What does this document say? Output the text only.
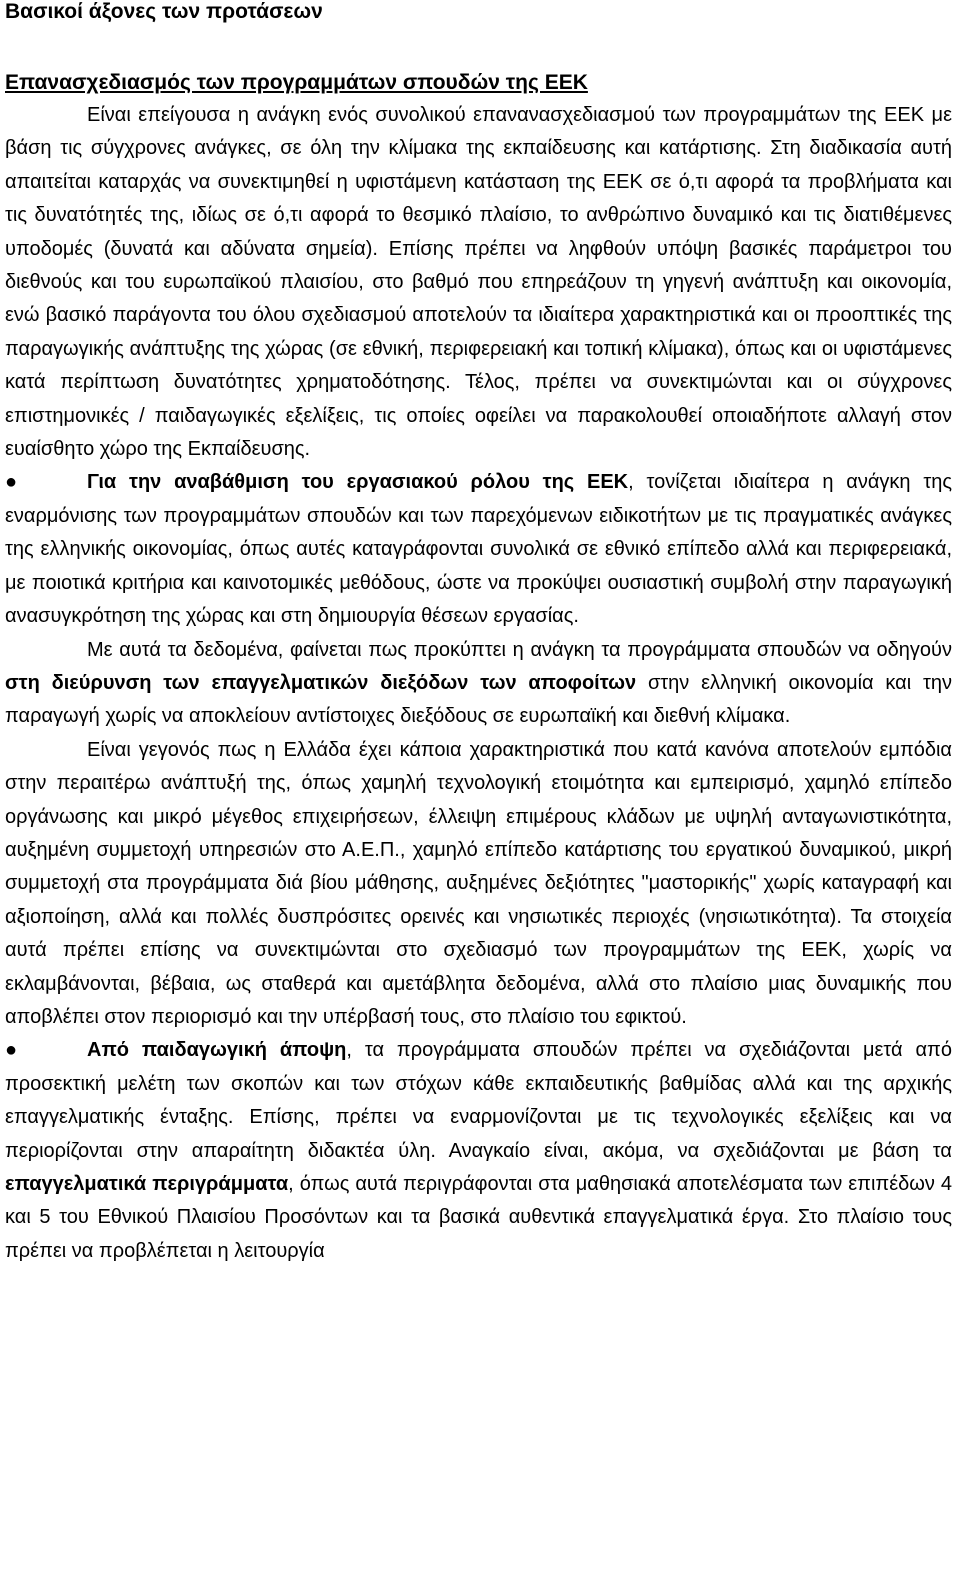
Βασικοί άξονες των προτάσεων
Επανασχεδιασμός των προγραμμάτων σπουδών της ΕΕΚ

Είναι επείγουσα η ανάγκη ενός συνολικού επανανασχεδιασμού των προγραμμάτων της ΕΕΚ με βάση τις σύγχρονες ανάγκες, σε όλη την κλίμακα της εκπαίδευσης και κατάρτισης. Στη διαδικασία αυτή απαιτείται καταρχάς να συνεκτιμηθεί η υφιστάμενη κατάσταση της ΕΕΚ σε ό,τι αφορά τα προβλήματα και τις δυνατότητές της, ιδίως σε ό,τι αφορά το θεσμικό πλαίσιο, το ανθρώπινο δυναμικό και τις διατιθέμενες υποδομές (δυνατά και αδύνατα σημεία). Επίσης πρέπει να ληφθούν υπόψη βασικές παράμετροι του διεθνούς και του ευρωπαϊκού πλαισίου, στο βαθμό που επηρεάζουν τη γηγενή ανάπτυξη και οικονομία, ενώ βασικό παράγοντα του όλου σχεδιασμού αποτελούν τα ιδιαίτερα χαρακτηριστικά και οι προοπτικές της παραγωγικής ανάπτυξης της χώρας (σε εθνική, περιφερειακή και τοπική κλίμακα), όπως και οι υφιστάμενες κατά περίπτωση δυνατότητες χρηματοδότησης. Τέλος, πρέπει να συνεκτιμώνται και οι σύγχρονες επιστημονικές / παιδαγωγικές εξελίξεις, τις οποίες οφείλει να παρακολουθεί οποιαδήποτε αλλαγή στον ευαίσθητο χώρο της Εκπαίδευσης.

●	Για την αναβάθμιση του εργασιακού ρόλου της ΕΕΚ, τονίζεται ιδιαίτερα η ανάγκη της εναρμόνισης των προγραμμάτων σπουδών και των παρεχόμενων ειδικοτήτων με τις πραγματικές ανάγκες της ελληνικής οικονομίας, όπως αυτές καταγράφονται συνολικά σε εθνικό επίπεδο αλλά και περιφερειακά, με ποιοτικά κριτήρια και καινοτομικές μεθόδους, ώστε να προκύψει ουσιαστική συμβολή στην παραγωγική ανασυγκρότηση της χώρας και στη δημιουργία θέσεων εργασίας.

Με αυτά τα δεδομένα, φαίνεται πως προκύπτει η ανάγκη τα προγράμματα σπουδών να οδηγούν στη διεύρυνση των επαγγελματικών διεξόδων των αποφοίτων στην ελληνική οικονομία και την παραγωγή χωρίς να αποκλείουν αντίστοιχες διεξόδους σε ευρωπαϊκή και διεθνή κλίμακα.

Είναι γεγονός πως η Ελλάδα έχει κάποια χαρακτηριστικά που κατά κανόνα αποτελούν εμπόδια στην περαιτέρω ανάπτυξή της, όπως χαμηλή τεχνολογική ετοιμότητα και εμπειρισμό, χαμηλό επίπεδο οργάνωσης και μικρό μέγεθος επιχειρήσεων, έλλειψη επιμέρους κλάδων με υψηλή ανταγωνιστικότητα, αυξημένη συμμετοχή υπηρεσιών στο Α.Ε.Π., χαμηλό επίπεδο κατάρτισης του εργατικού δυναμικού, μικρή συμμετοχή στα προγράμματα διά βίου μάθησης, αυξημένες δεξιότητες "μαστορικής" χωρίς καταγραφή και αξιοποίηση, αλλά και πολλές δυσπρόσιτες ορεινές και νησιωτικές περιοχές (νησιωτικότητα). Τα στοιχεία αυτά πρέπει επίσης να συνεκτιμώνται στο σχεδιασμό των προγραμμάτων της ΕΕΚ, χωρίς να εκλαμβάνονται, βέβαια, ως σταθερά και αμετάβλητα δεδομένα, αλλά στο πλαίσιο μιας δυναμικής που αποβλέπει στον περιορισμό και την υπέρβασή τους, στο πλαίσιο του εφικτού.

●	Από παιδαγωγική άποψη, τα προγράμματα σπουδών πρέπει να σχεδιάζονται μετά από προσεκτική μελέτη των σκοπών και των στόχων κάθε εκπαιδευτικής βαθμίδας αλλά και της αρχικής επαγγελματικής ένταξης. Επίσης, πρέπει να εναρμονίζονται με τις τεχνολογικές εξελίξεις και να περιορίζονται στην απαραίτητη διδακτέα ύλη. Αναγκαίο είναι, ακόμα, να σχεδιάζονται με βάση τα επαγγελματικά περιγράμματα, όπως αυτά περιγράφονται στα μαθησιακά αποτελέσματα των επιπέδων 4 και 5 του Εθνικού Πλαισίου Προσόντων και τα βασικά αυθεντικά επαγγελματικά έργα. Στο πλαίσιο τους πρέπει να προβλέπεται η λειτουργία
